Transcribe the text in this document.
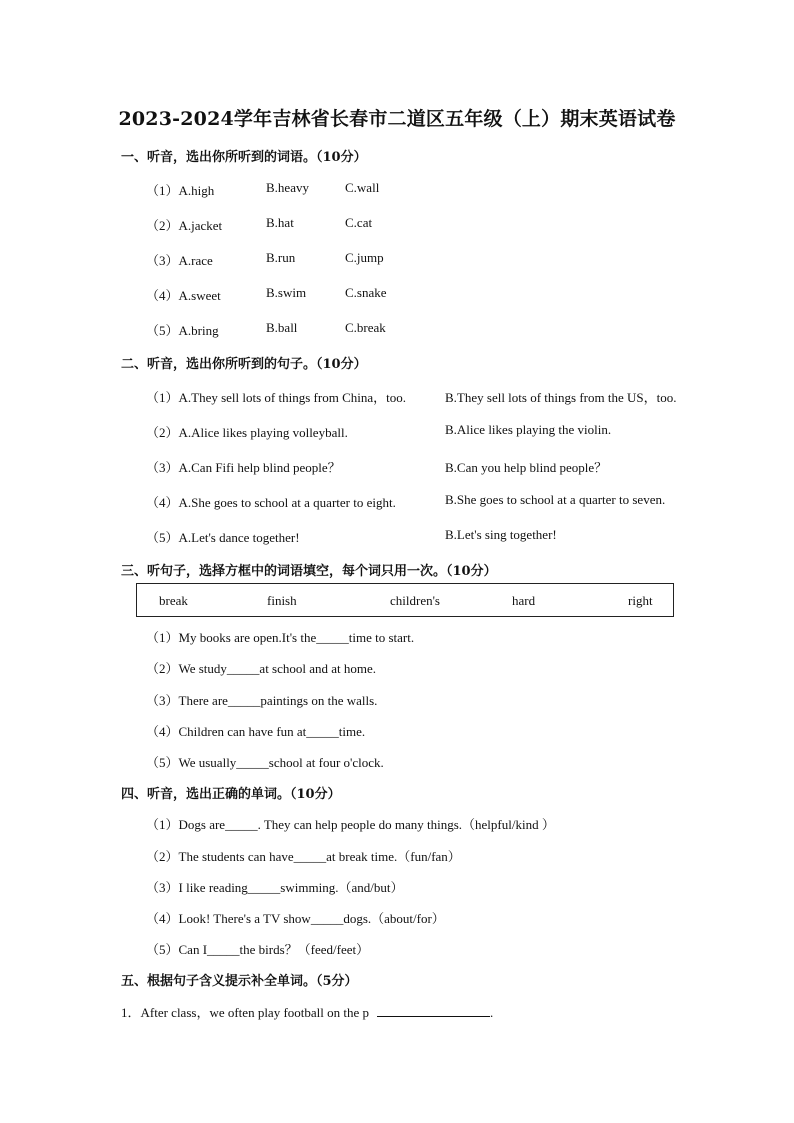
2023-2024学年吉林省长春市二道区五年级（上）期末英语试卷
一、听音，选出你所听到的词语。（10分）
（1）A.high	B.heavy	C.wall
（2）A.jacket	B.hat	C.cat
（3）A.race	B.run	C.jump
（4）A.sweet	B.swim	C.snake
（5）A.bring	B.ball	C.break
二、听音，选出你所听到的句子。（10分）
（1）A.They sell lots of things from China，too.	B.They sell lots of things from the US，too.
（2）A.Alice likes playing volleyball.	B.Alice likes playing the violin.
（3）A.Can Fifi help blind people？	B.Can you help blind people？
（4）A.She goes to school at a quarter to eight.	B.She goes to school at a quarter to seven.
（5）A.Let's dance together!	B.Let's sing together!
三、听句子，选择方框中的词语填空，每个词只用一次。（10分）
break	finish	children's	hard	right
（1）My books are open.It's the_____time to start.
（2）We study_____at school and at home.
（3）There are_____paintings on the walls.
（4）Children can have fun at_____time.
（5）We usually_____school at four o'clock.
四、听音，选出正确的单词。（10分）
（1）Dogs are_____. They can help people do many things.（helpful/kind ）
（2）The students can have_____at break time.（fun/fan）
（3）I like reading_____swimming.（and/but）
（4）Look! There's a TV show_____dogs.（about/for）
（5）Can I_____the birds？（feed/feet）
五、根据句子含义提示补全单词。（5分）
1．After class，we often play football on the p	.
